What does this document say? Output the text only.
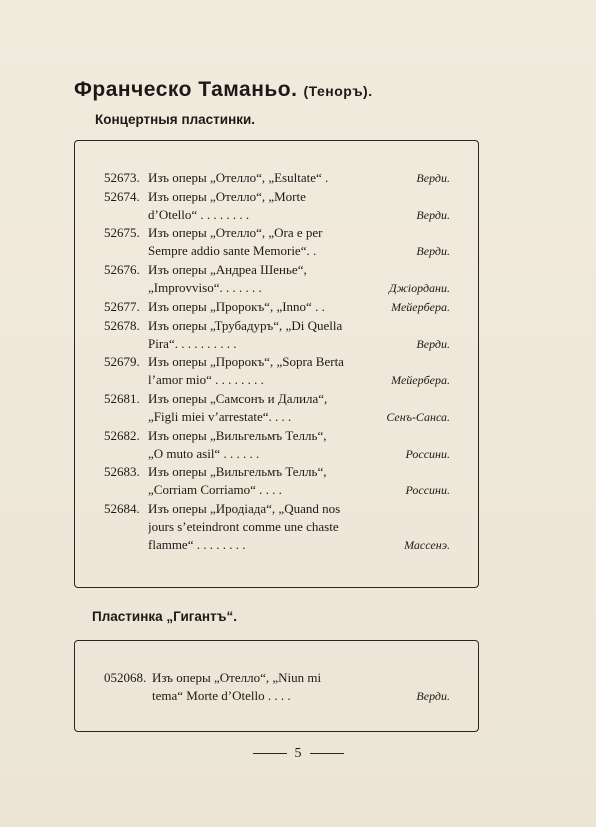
Франческо Таманьо. (Теноръ).
Концертныя пластинки.
52673. Изъ оперы „Отелло“, „Esultate“ .	Верди.
52674. Изъ оперы „Отелло“, „Morte
d’Otello“ . . . . . . . .	Верди.
52675. Изъ оперы „Отелло“, „Ora e per
Sempre addio sante Memorie“. .	Верди.
52676. Изъ оперы „Андреа Шенье“,
„Improvviso“. . . . . . .	Джіордани.
52677. Изъ оперы „Пророкъ“, „Inno“ . .	Мейербера.
52678. Изъ оперы „Трубадуръ“, „Di Quella
Pira“. . . . . . . . . .	Верди.
52679. Изъ оперы „Пророкъ“, „Sopra Berta
l’amor mio“ . . . . . . . .	Мейербера.
52681. Изъ оперы „Самсонъ и Далила“,
„Figli miei v’arrestate“. . . .	Сенъ-Санса.
52682. Изъ оперы „Вильгельмъ Телль“,
„O muto asil“ . . . . . .	Россини.
52683. Изъ оперы „Вильгельмъ Телль“,
„Corriam Corriamo“ . . . .	Россини.
52684. Изъ оперы „Иродіада“, „Quand nos
jours s’eteindront comme une chaste
flamme“ . . . . . . . .	Массенэ.
Пластинка „Гигантъ“.
052068. Изъ оперы „Отелло“, „Niun mi
tema“ Morte d’Otello . . . .	Верди.
5
